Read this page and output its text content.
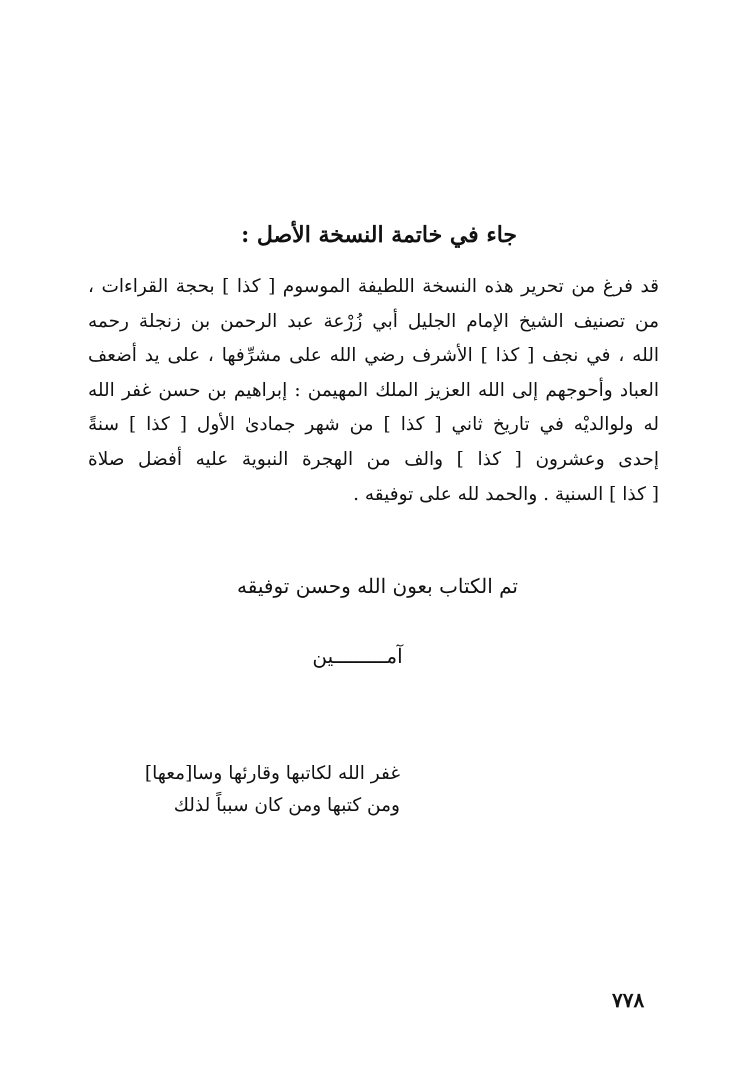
جاء في خاتمة النسخة الأصل :
قد فرغ من تحرير هذه النسخة اللطيفة الموسوم [ كذا ] بحجة القراءات ،
من تصنيف الشيخ الإمام الجليل أبي زُرْعة عبد الرحمن بن زنجلة رحمه
الله ، في نجف [ كذا ] الأشرف رضي الله على مشرِّفها ، على يد أضعف
العباد وأحوجهم إلى الله العزيز الملك المهيمن : إبراهيم بن حسن غفر الله
له ولوالديْه في تاريخ ثاني [ كذا ] من شهر جمادىٰ الأول [ كذا ] سنةً
إحدى وعشرون [ كذا ] والف من الهجرة النبوية عليه أفضل صلاة
[ كذا ] السنية . والحمد لله على توفيقه .
تم الكتاب بعون الله وحسن توفيقه
آمـــــــــين
غفر الله لكاتبها وقارئها وسا[معها]
ومن كتبها ومن كان سبباً لذلك
٧٧٨
